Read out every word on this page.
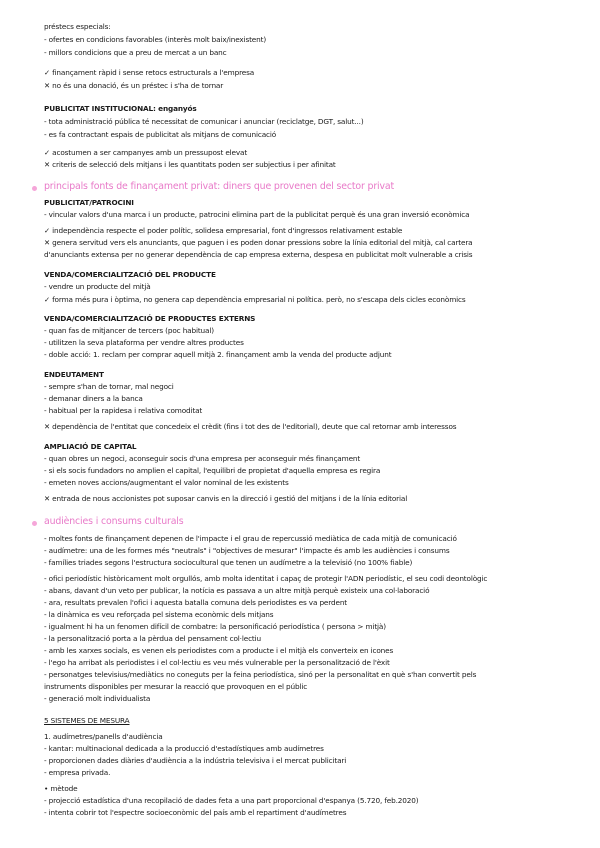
préstecs especials:
- ofertes en condicions favorables (interès molt baix/inexistent)
- millors condicions que a preu de mercat a un banc
✓ finançament ràpid i sense retocs estructurals a l'empresa
✕ no és una donació, és un préstec i s'ha de tornar
PUBLICITAT INSTITUCIONAL: enganyós
- tota administració pública té necessitat de comunicar i anunciar (reciclatge, DGT, salut...)
- es fa contractant espais de publicitat als mitjans de comunicació
✓ acostumen a ser campanyes amb un pressupost elevat
✕ criteris de selecció dels mitjans i les quantitats poden ser subjectius i per afinitat
principals fonts de finançament privat: diners que provenen del sector privat
PUBLICITAT/PATROCINI
- vincular valors d'una marca i un producte, patrocini elimina part de la publicitat perquè és una gran inversió econòmica
✓ independència respecte el poder polític, solidesa empresarial, font d'ingressos relativament estable
✕ genera servitud vers els anunciants, que paguen i es poden donar pressions sobre la línia editorial del mitjà, cal cartera
d'anunciants extensa per no generar dependència de cap empresa externa, despesa en publicitat molt vulnerable a crisis
VENDA/COMERCIALITZACIÓ DEL PRODUCTE
- vendre un producte del mitjà
✓ forma més pura i òptima, no genera cap dependència empresarial ni política. però, no s'escapa dels cicles econòmics
VENDA/COMERCIALITZACIÓ DE PRODUCTES EXTERNS
- quan fas de mitjancer de tercers (poc habitual)
- utilitzen la seva plataforma per vendre altres productes
- doble acció: 1. reclam per comprar aquell mitjà 2. finançament amb la venda del producte adjunt
ENDEUTAMENT
- sempre s'han de tornar, mal negoci
- demanar diners a la banca
- habitual per la rapidesa i relativa comoditat
✕ dependència de l'entitat que concedeix el crèdit (fins i tot des de l'editorial), deute que cal retornar amb interessos
AMPLIACIÓ DE CAPITAL
- quan obres un negoci, aconseguir socis d'una empresa per aconseguir més finançament
- si els socis fundadors no amplien el capital, l'equilibri de propietat d'aquella empresa es regira
- emeten noves accions/augmentant el valor nominal de les existents
✕ entrada de nous accionistes pot suposar canvis en la direcció i gestió del mitjans i de la línia editorial
audiències i consums culturals
- moltes fonts de finançament depenen de l'impacte i el grau de repercussió mediàtica de cada mitjà de comunicació
- audímetre: una de les formes més "neutrals" i "objectives de mesurar" l'impacte és amb les audiències i consums
- famílies triades segons l'estructura sociocultural que tenen un audímetre a la televisió (no 100% fiable)
- ofici periodístic històricament molt orgullós, amb molta identitat i capaç de protegir l'ADN periodístic, el seu codi deontològic
- abans, davant d'un veto per publicar, la notícia es passava a un altre mitjà perquè existeix una col·laboració
- ara, resultats prevalen l'ofici i aquesta batalla comuna dels periodistes es va perdent
- la dinàmica es veu reforçada pel sistema econòmic dels mitjans
- igualment hi ha un fenomen difícil de combatre: la personificació periodística ( persona > mitjà)
- la personalització porta a la pèrdua del pensament col·lectiu
- amb les xarxes socials, es venen els periodistes com a producte i el mitjà els converteix en icones
- l'ego ha arribat als periodistes i el col·lectiu es veu més vulnerable per la personalització de l'èxit
- personatges televisius/mediàtics no coneguts per la feina periodística, sinó per la personalitat en què s'han convertit pels
instruments disponibles per mesurar la reacció que provoquen en el públic
- generació molt individualista
5 SISTEMES DE MESURA
1. audímetres/panells d'audiència
- kantar: multinacional dedicada a la producció d'estadístiques amb audímetres
- proporcionen dades diàries d'audiència a la indústria televisiva i el mercat publicitari
- empresa privada.
• mètode
- projecció estadística d'una recopilació de dades feta a una part proporcional d'espanya (5.720, feb.2020)
- intenta cobrir tot l'espectre socioeconòmic del país amb el repartiment d'audímetres
